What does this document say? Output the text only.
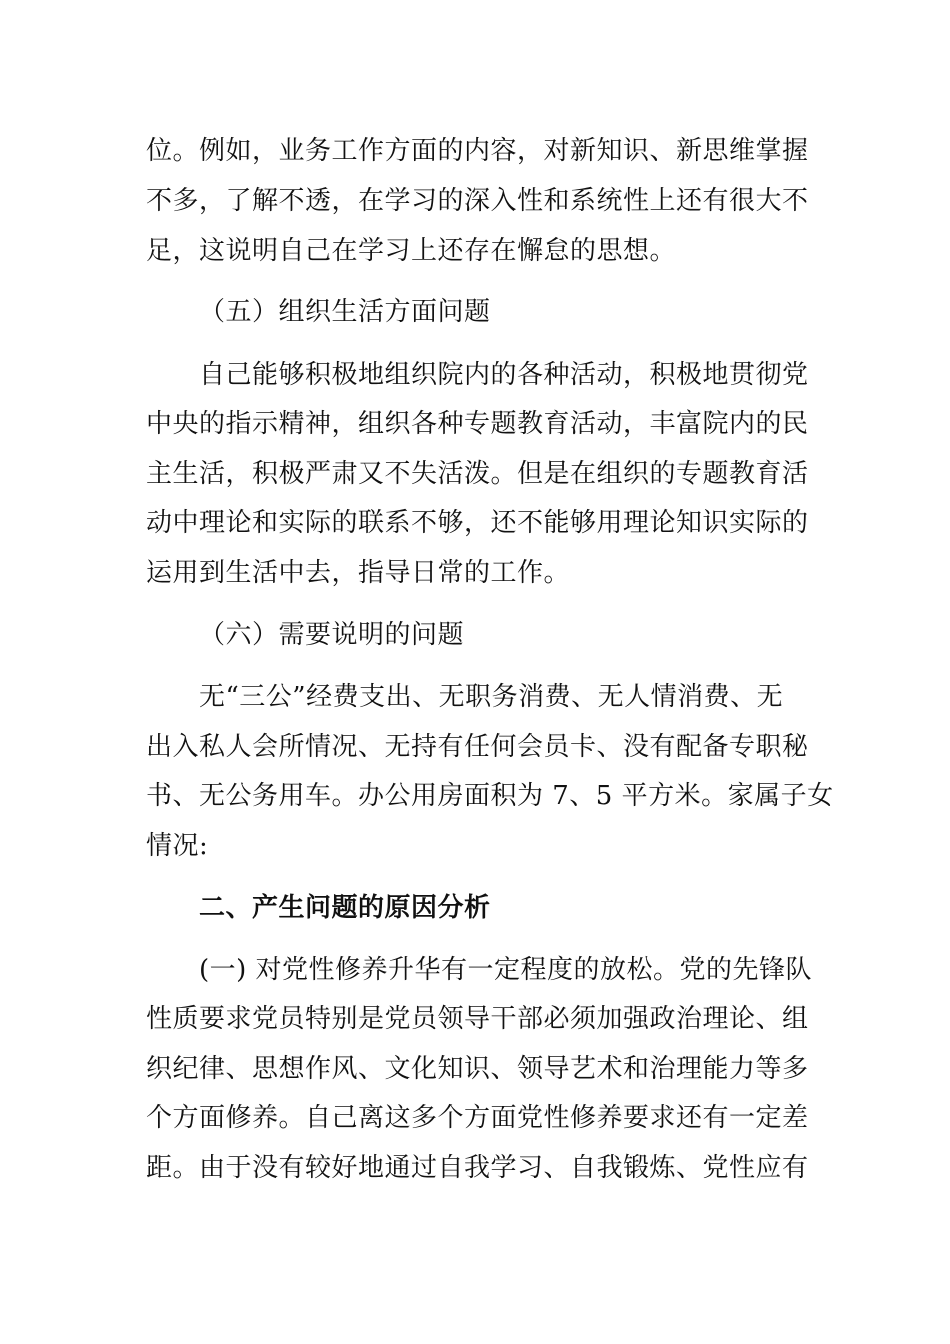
位。例如，业务工作方面的内容，对新知识、新思维掌握
不多，了解不透，在学习的深入性和系统性上还有很大不
足，这说明自己在学习上还存在懈怠的思想。
（五）组织生活方面问题
自己能够积极地组织院内的各种活动，积极地贯彻党
中央的指示精神，组织各种专题教育活动，丰富院内的民
主生活，积极严肃又不失活泼。但是在组织的专题教育活
动中理论和实际的联系不够，还不能够用理论知识实际的
运用到生活中去，指导日常的工作。
（六）需要说明的问题
无“三公”经费支出、无职务消费、无人情消费、无
出入私人会所情况、无持有任何会员卡、没有配备专职秘
书、无公务用车。办公用房面积为 7、5 平方米。家属子女
情况:
二、产生问题的原因分析
(一) 对党性修养升华有一定程度的放松。党的先锋队
性质要求党员特别是党员领导干部必须加强政治理论、组
织纪律、思想作风、文化知识、领导艺术和治理能力等多
个方面修养。自己离这多个方面党性修养要求还有一定差
距。由于没有较好地通过自我学习、自我锻炼、党性应有
